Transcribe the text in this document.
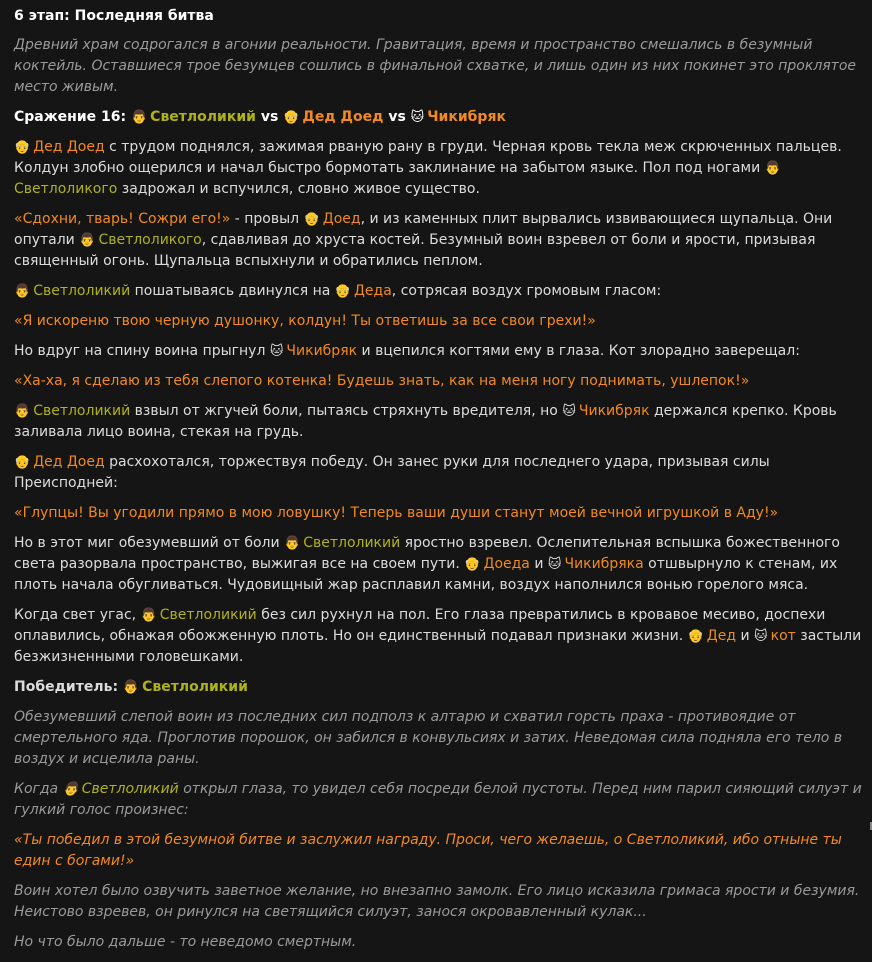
6 этап: Последняя битва

Древний храм содрогался в агонии реальности. Гравитация, время и пространство смешались в безумный коктейль. Оставшиеся трое безумцев сошлись в финальной схватке, и лишь один из них покинет это проклятое место живым.

Сражение 16: 👨 Светлоликий vs 👴 Дед Доед vs 🐱 Чикибряк

👴 Дед Доед с трудом поднялся, зажимая рваную рану в груди. Черная кровь текла меж скрюченных пальцев. Колдун злобно ощерился и начал быстро бормотать заклинание на забытом языке. Пол под ногами 👨Светлоликого задрожал и вспучился, словно живое существо.

«Сдохни, тварь! Сожри его!» - провыл 👴 Доед, и из каменных плит вырвались извивающиеся щупальца. Они опутали 👨 Светлоликого, сдавливая до хруста костей. Безумный воин взревел от боли и ярости, призывая священный огонь. Щупальца вспыхнули и обратились пеплом.

👨 Светлоликий пошатываясь двинулся на 👴 Деда, сотрясая воздух громовым гласом:

«Я искореню твою черную душонку, колдун! Ты ответишь за все свои грехи!»

Но вдруг на спину воина прыгнул 🐱 Чикибряк и вцепился когтями ему в глаза. Кот злорадно заверещал:

«Ха-ха, я сделаю из тебя слепого котенка! Будешь знать, как на меня ногу поднимать, ушлепок!»

👨 Светлоликий взвыл от жгучей боли, пытаясь стряхнуть вредителя, но 🐱 Чикибряк держался крепко. Кровь заливала лицо воина, стекая на грудь.

👴 Дед Доед расхохотался, торжествуя победу. Он занес руки для последнего удара, призывая силы Преисподней:

«Глупцы! Вы угодили прямо в мою ловушку! Теперь ваши души станут моей вечной игрушкой в Аду!»

Но в этот миг обезумевший от боли 👨 Светлоликий яростно взревел. Ослепительная вспышка божественного света разорвала пространство, выжигая все на своем пути. 👴 Доеда и 🐱 Чикибряка отшвырнуло к стенам, их плоть начала обугливаться. Чудовищный жар расплавил камни, воздух наполнился вонью горелого мяса.

Когда свет угас, 👨 Светлоликий без сил рухнул на пол. Его глаза превратились в кровавое месиво, доспехи оплавились, обнажая обожженную плоть. Но он единственный подавал признаки жизни. 👴 Дед и 🐱 кот застыли безжизненными головешками.

Победитель: 👨 Светлоликий

Обезумевший слепой воин из последних сил подполз к алтарю и схватил горсть праха - противоядие от смертельного яда. Проглотив порошок, он забился в конвульсиях и затих. Неведомая сила подняла его тело в воздух и исцелила раны.

Когда 👨 Светлоликий открыл глаза, то увидел себя посреди белой пустоты. Перед ним парил сияющий силуэт и гулкий голос произнес:

«Ты победил в этой безумной битве и заслужил награду. Проси, чего желаешь, о Светлоликий, ибо отныне ты един с богами!»

Воин хотел было озвучить заветное желание, но внезапно замолк. Его лицо исказила гримаса ярости и безумия. Неистово взревев, он ринулся на светящийся силуэт, занося окровавленный кулак...

Но что было дальше - то неведомо смертным.
